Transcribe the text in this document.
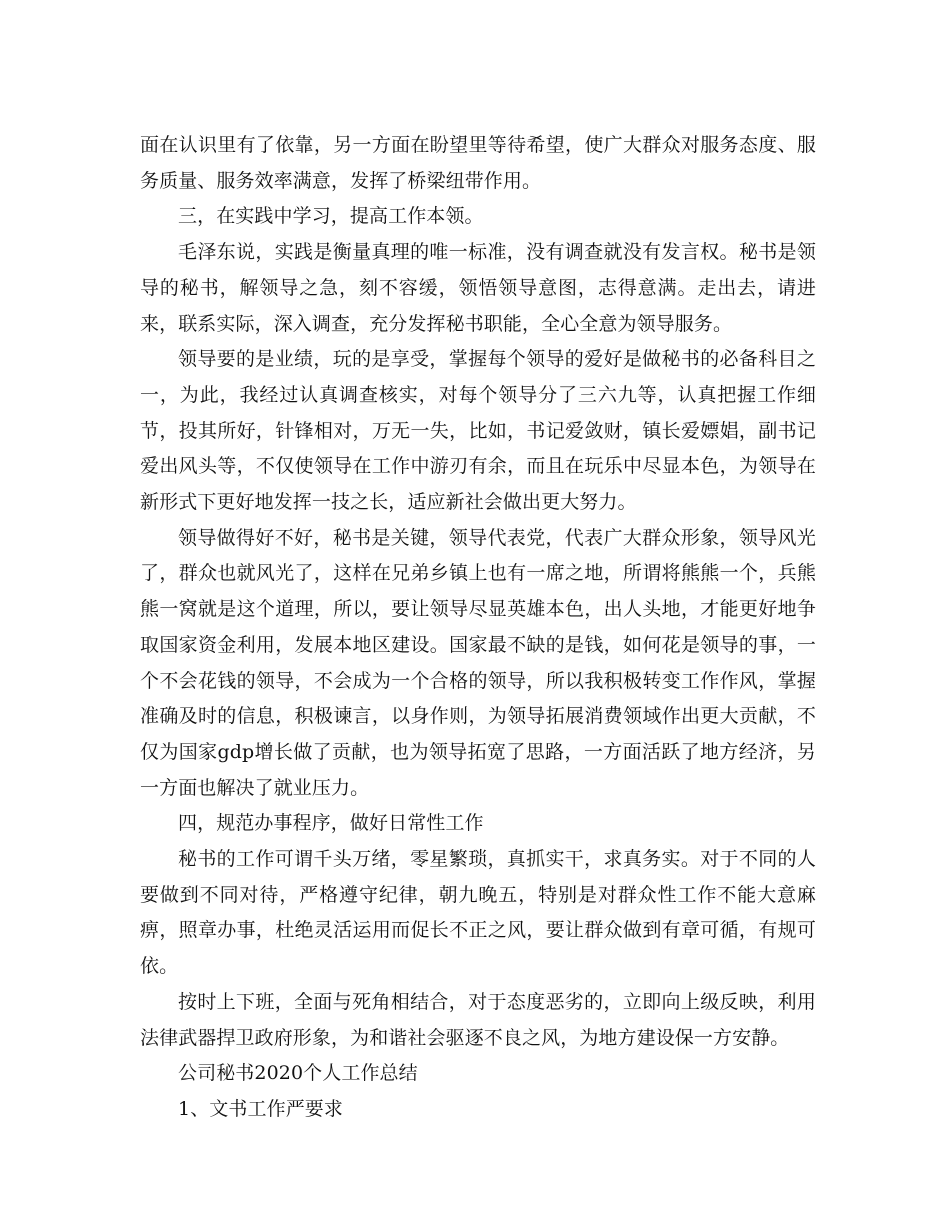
面在认识里有了依靠，另一方面在盼望里等待希望，使广大群众对服务态度、服务质量、服务效率满意，发挥了桥梁纽带作用。

三，在实践中学习，提高工作本领。

毛泽东说，实践是衡量真理的唯一标准，没有调查就没有发言权。秘书是领导的秘书，解领导之急，刻不容缓，领悟领导意图，志得意满。走出去，请进来，联系实际，深入调查，充分发挥秘书职能，全心全意为领导服务。

领导要的是业绩，玩的是享受，掌握每个领导的爱好是做秘书的必备科目之一，为此，我经过认真调查核实，对每个领导分了三六九等，认真把握工作细节，投其所好，针锋相对，万无一失，比如，书记爱敛财，镇长爱嫖娼，副书记爱出风头等，不仅使领导在工作中游刃有余，而且在玩乐中尽显本色，为领导在新形式下更好地发挥一技之长，适应新社会做出更大努力。

领导做得好不好，秘书是关键，领导代表党，代表广大群众形象，领导风光了，群众也就风光了，这样在兄弟乡镇上也有一席之地，所谓将熊熊一个，兵熊熊一窝就是这个道理，所以，要让领导尽显英雄本色，出人头地，才能更好地争取国家资金利用，发展本地区建设。国家最不缺的是钱，如何花是领导的事，一个不会花钱的领导，不会成为一个合格的领导，所以我积极转变工作作风，掌握准确及时的信息，积极谏言，以身作则，为领导拓展消费领域作出更大贡献，不仅为国家gdp增长做了贡献，也为领导拓宽了思路，一方面活跃了地方经济，另一方面也解决了就业压力。

四，规范办事程序，做好日常性工作

秘书的工作可谓千头万绪，零星繁琐，真抓实干，求真务实。对于不同的人要做到不同对待，严格遵守纪律，朝九晚五，特别是对群众性工作不能大意麻痹，照章办事，杜绝灵活运用而促长不正之风，要让群众做到有章可循，有规可依。

按时上下班，全面与死角相结合，对于态度恶劣的，立即向上级反映，利用法律武器捍卫政府形象，为和谐社会驱逐不良之风，为地方建设保一方安静。

公司秘书2020个人工作总结

1、文书工作严要求
